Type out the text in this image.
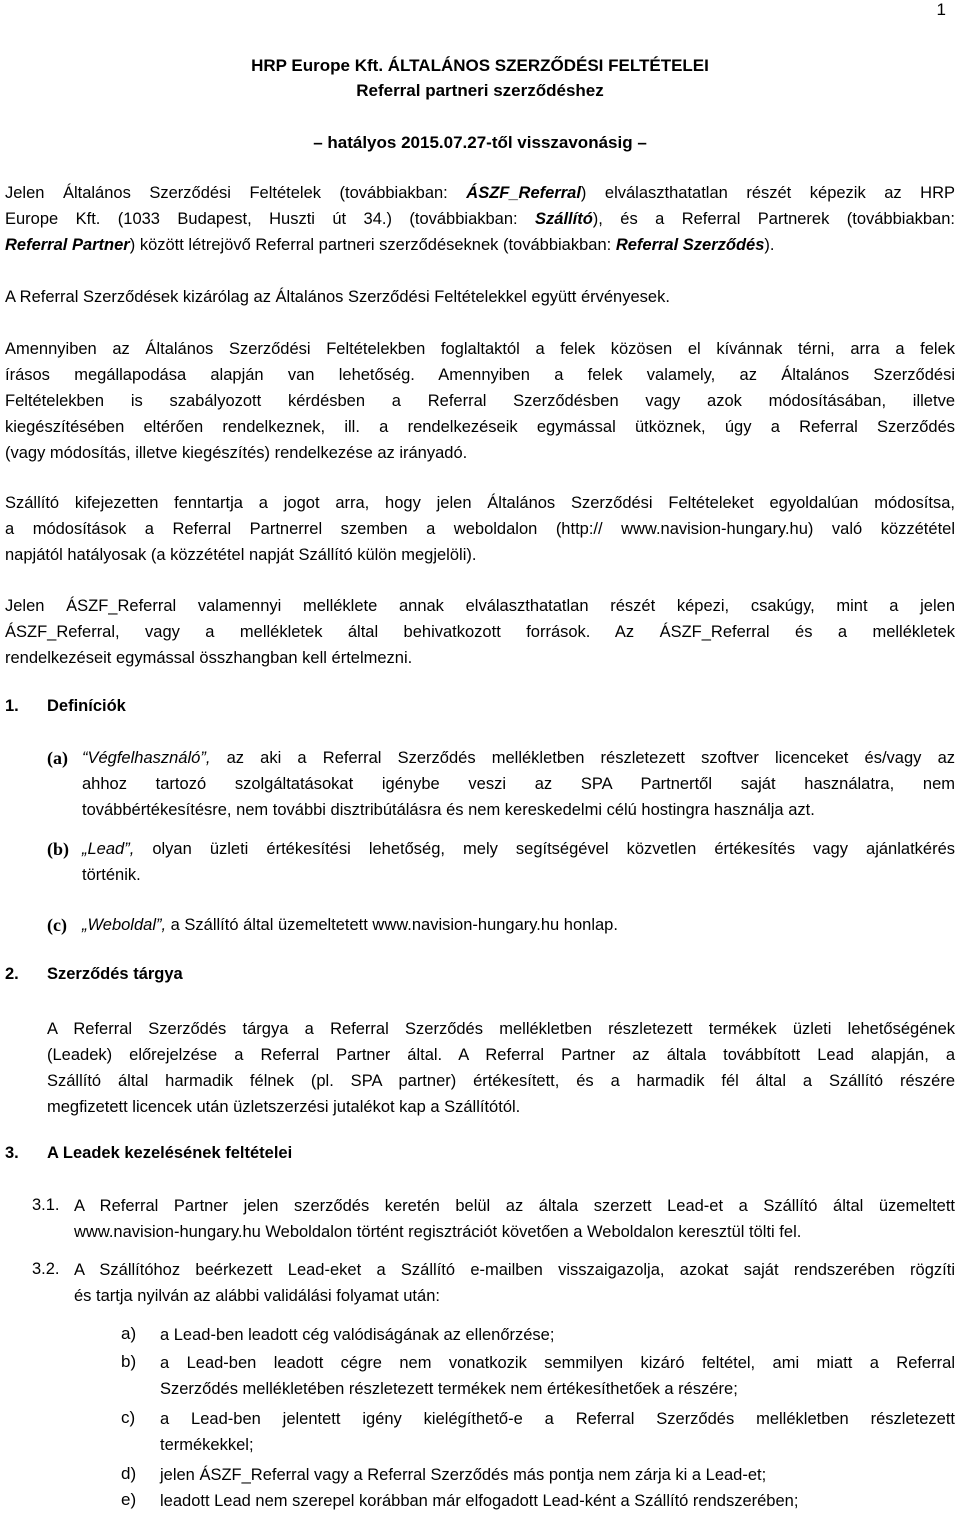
1
HRP Europe Kft. ÁLTALÁNOS SZERZŐDÉSI FELTÉTELEI
Referral partneri szerződéshez
– hatályos 2015.07.27-től visszavonásig –
Jelen Általános Szerződési Feltételek (továbbiakban: ÁSZF_Referral) elválaszthatatlan részét képezik az HRP
Europe Kft. (1033 Budapest, Huszti út 34.) (továbbiakban: Szállító), és a Referral Partnerek (továbbiakban:
Referral Partner) között létrejövő Referral partneri szerződéseknek (továbbiakban: Referral Szerződés).
A Referral Szerződések kizárólag az Általános Szerződési Feltételekkel együtt érvényesek.
Amennyiben az Általános Szerződési Feltételekben foglaltaktól a felek közösen el kívánnak térni, arra a felek
írásos megállapodása alapján van lehetőség. Amennyiben a felek valamely, az Általános Szerződési
Feltételekben is szabályozott kérdésben a Referral Szerződésben vagy azok módosításában, illetve
kiegészítésében eltérően rendelkeznek, ill. a rendelkezéseik egymással ütköznek, úgy a Referral Szerződés
(vagy módosítás, illetve kiegészítés) rendelkezése az irányadó.
Szállító kifejezetten fenntartja a jogot arra, hogy jelen Általános Szerződési Feltételeket egyoldalúan módosítsa,
a módosítások a Referral Partnerrel szemben a weboldalon (http:// www.navision-hungary.hu) való közzététel
napjától hatályosak (a közzététel napját Szállító külön megjelöli).
Jelen ÁSZF_Referral valamennyi melléklete annak elválaszthatatlan részét képezi, csakúgy, mint a jelen
ÁSZF_Referral, vagy a mellékletek által behivatkozott források. Az ÁSZF_Referral és a mellékletek
rendelkezéseit egymással összhangban kell értelmezni.
1. Definíciók
(a) “Végfelhasználó”, az aki a Referral Szerződés mellékletben részletezett szoftver licenceket és/vagy az
ahhoz tartozó szolgáltatásokat igénybe veszi az SPA Partnertől saját használatra, nem
továbbértékesítésre, nem további disztribútálásra és nem kereskedelmi célú hostingra használja azt.
(b) „Lead”, olyan üzleti értékesítési lehetőség, mely segítségével közvetlen értékesítés vagy ajánlatkérés
történik.
(c) „Weboldal”, a Szállító által üzemeltetett www.navision-hungary.hu honlap.
2. Szerződés tárgya
A Referral Szerződés tárgya a Referral Szerződés mellékletben részletezett termékek üzleti lehetőségének
(Leadek) előrejelzése a Referral Partner által. A Referral Partner az általa továbbított Lead alapján, a
Szállító által harmadik félnek (pl. SPA partner) értékesített, és a harmadik fél által a Szállító részére
megfizetett licencek után üzletszerzési jutalékot kap a Szállítótól.
3. A Leadek kezelésének feltételei
3.1. A Referral Partner jelen szerződés keretén belül az általa szerzett Lead-et a Szállító által üzemeltett
www.navision-hungary.hu Weboldalon történt regisztrációt követően a Weboldalon keresztül tölti fel.
3.2. A Szállítóhoz beérkezett Lead-eket a Szállító e-mailben visszaigazolja, azokat saját rendszerében rögzíti
és tartja nyilván az alábbi validálási folyamat után:
a) a Lead-ben leadott cég valódiságának az ellenőrzése;
b) a Lead-ben leadott cégre nem vonatkozik semmilyen kizáró feltétel, ami miatt a Referral
Szerződés mellékletében részletezett termékek nem értékesíthetőek a részére;
c) a Lead-ben jelentett igény kielégíthető-e a Referral Szerződés mellékletben részletezett
termékekkel;
d) jelen ÁSZF_Referral vagy a Referral Szerződés más pontja nem zárja ki a Lead-et;
e) leadott Lead nem szerepel korábban már elfogadott Lead-ként a Szállító rendszerében;
